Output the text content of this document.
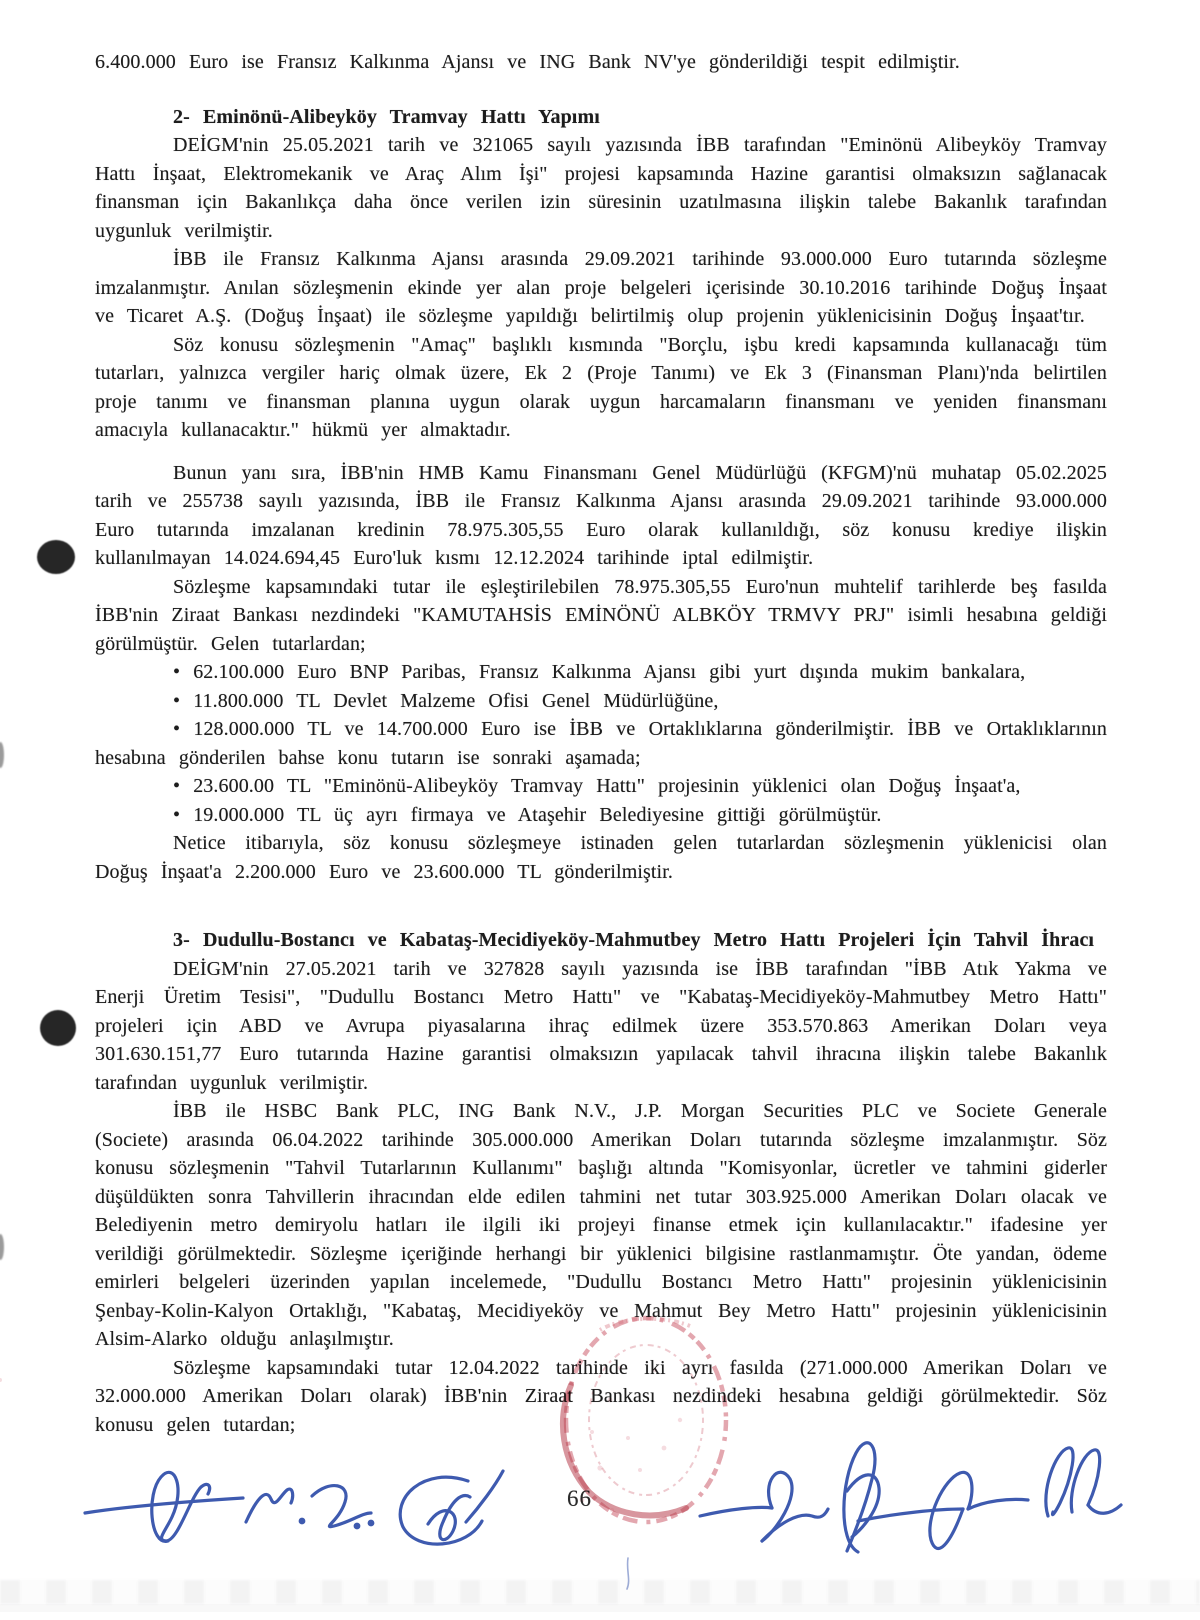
6.400.000 Euro ise Fransız Kalkınma Ajansı ve ING Bank NV'ye gönderildiği tespit edilmiştir.

2- Eminönü-Alibeyköy Tramvay Hattı Yapımı

DEİGM'nin 25.05.2021 tarih ve 321065 sayılı yazısında İBB tarafından "Eminönü Alibeyköy Tramvay Hattı İnşaat, Elektromekanik ve Araç Alım İşi" projesi kapsamında Hazine garantisi olmaksızın sağlanacak finansman için Bakanlıkça daha önce verilen izin süresinin uzatılmasına ilişkin talebe Bakanlık tarafından uygunluk verilmiştir.

İBB ile Fransız Kalkınma Ajansı arasında 29.09.2021 tarihinde 93.000.000 Euro tutarında sözleşme imzalanmıştır. Anılan sözleşmenin ekinde yer alan proje belgeleri içerisinde 30.10.2016 tarihinde Doğuş İnşaat ve Ticaret A.Ş. (Doğuş İnşaat) ile sözleşme yapıldığı belirtilmiş olup projenin yüklenicisinin Doğuş İnşaat'tır.

Söz konusu sözleşmenin "Amaç" başlıklı kısmında "Borçlu, işbu kredi kapsamında kullanacağı tüm tutarları, yalnızca vergiler hariç olmak üzere, Ek 2 (Proje Tanımı) ve Ek 3 (Finansman Planı)'nda belirtilen proje tanımı ve finansman planına uygun olarak uygun harcamaların finansmanı ve yeniden finansmanı amacıyla kullanacaktır." hükmü yer almaktadır.

Bunun yanı sıra, İBB'nin HMB Kamu Finansmanı Genel Müdürlüğü (KFGM)'nü muhatap 05.02.2025 tarih ve 255738 sayılı yazısında, İBB ile Fransız Kalkınma Ajansı arasında 29.09.2021 tarihinde 93.000.000 Euro tutarında imzalanan kredinin 78.975.305,55 Euro olarak kullanıldığı, söz konusu krediye ilişkin kullanılmayan 14.024.694,45 Euro'luk kısmı 12.12.2024 tarihinde iptal edilmiştir.

Sözleşme kapsamındaki tutar ile eşleştirilebilen 78.975.305,55 Euro'nun muhtelif tarihlerde beş fasılda İBB'nin Ziraat Bankası nezdindeki "KAMUTAHSİS EMİNÖNÜ ALBKÖY TRMVY PRJ" isimli hesabına geldiği görülmüştür. Gelen tutarlardan;

• 62.100.000 Euro BNP Paribas, Fransız Kalkınma Ajansı gibi yurt dışında mukim bankalara,

• 11.800.000 TL Devlet Malzeme Ofisi Genel Müdürlüğüne,

• 128.000.000 TL ve 14.700.000 Euro ise İBB ve Ortaklıklarına gönderilmiştir. İBB ve Ortaklıklarının hesabına gönderilen bahse konu tutarın ise sonraki aşamada;

• 23.600.00 TL "Eminönü-Alibeyköy Tramvay Hattı" projesinin yüklenici olan Doğuş İnşaat'a,

• 19.000.000 TL üç ayrı firmaya ve Ataşehir Belediyesine gittiği görülmüştür.

Netice itibarıyla, söz konusu sözleşmeye istinaden gelen tutarlardan sözleşmenin yüklenicisi olan Doğuş İnşaat'a 2.200.000 Euro ve 23.600.000 TL gönderilmiştir.

3- Dudullu-Bostancı ve Kabataş-Mecidiyeköy-Mahmutbey Metro Hattı Projeleri İçin Tahvil İhracı

DEİGM'nin 27.05.2021 tarih ve 327828 sayılı yazısında ise İBB tarafından "İBB Atık Yakma ve Enerji Üretim Tesisi", "Dudullu Bostancı Metro Hattı" ve "Kabataş-Mecidiyeköy-Mahmutbey Metro Hattı" projeleri için ABD ve Avrupa piyasalarına ihraç edilmek üzere 353.570.863 Amerikan Doları veya 301.630.151,77 Euro tutarında Hazine garantisi olmaksızın yapılacak tahvil ihracına ilişkin talebe Bakanlık tarafından uygunluk verilmiştir.

İBB ile HSBC Bank PLC, ING Bank N.V., J.P. Morgan Securities PLC ve Societe Generale (Societe) arasında 06.04.2022 tarihinde 305.000.000 Amerikan Doları tutarında sözleşme imzalanmıştır. Söz konusu sözleşmenin "Tahvil Tutarlarının Kullanımı" başlığı altında "Komisyonlar, ücretler ve tahmini giderler düşüldükten sonra Tahvillerin ihracından elde edilen tahmini net tutar 303.925.000 Amerikan Doları olacak ve Belediyenin metro demiryolu hatları ile ilgili iki projeyi finanse etmek için kullanılacaktır." ifadesine yer verildiği görülmektedir. Sözleşme içeriğinde herhangi bir yüklenici bilgisine rastlanmamıştır. Öte yandan, ödeme emirleri belgeleri üzerinden yapılan incelemede, "Dudullu Bostancı Metro Hattı" projesinin yüklenicisinin Şenbay-Kolin-Kalyon Ortaklığı, "Kabataş, Mecidiyeköy ve Mahmut Bey Metro Hattı" projesinin yüklenicisinin Alsim-Alarko olduğu anlaşılmıştır.

Sözleşme kapsamındaki tutar 12.04.2022 tarihinde iki ayrı fasılda (271.000.000 Amerikan Doları ve 32.000.000 Amerikan Doları olarak) İBB'nin Ziraat Bankası nezdindeki hesabına geldiği görülmektedir. Söz konusu gelen tutardan;

66
